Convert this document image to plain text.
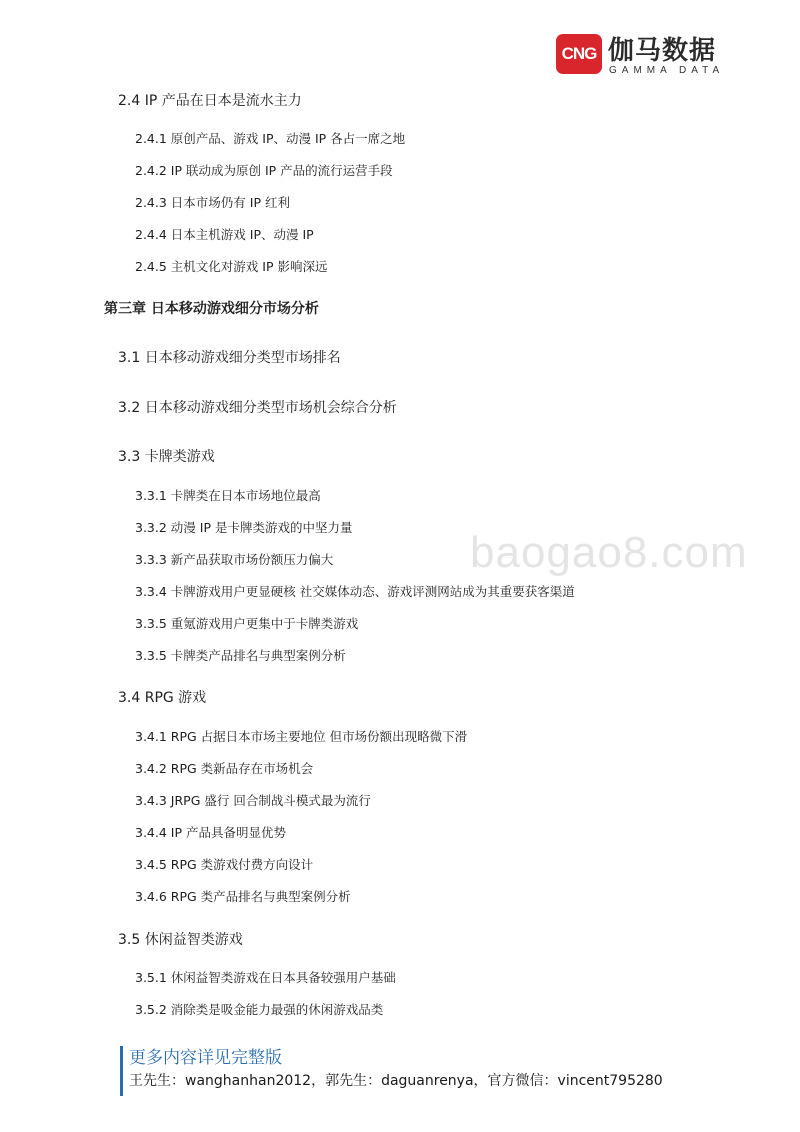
CNG 伽马数据
GAMMA DATA
baogao8.com
2.4 IP 产品在日本是流水主力
2.4.1 原创产品、游戏 IP、动漫 IP 各占一席之地
2.4.2 IP 联动成为原创 IP 产品的流行运营手段
2.4.3 日本市场仍有 IP 红利
2.4.4 日本主机游戏 IP、动漫 IP
2.4.5 主机文化对游戏 IP 影响深远
第三章 日本移动游戏细分市场分析
3.1 日本移动游戏细分类型市场排名
3.2 日本移动游戏细分类型市场机会综合分析
3.3 卡牌类游戏
3.3.1 卡牌类在日本市场地位最高
3.3.2 动漫 IP 是卡牌类游戏的中坚力量
3.3.3 新产品获取市场份额压力偏大
3.3.4 卡牌游戏用户更显硬核 社交媒体动态、游戏评测网站成为其重要获客渠道
3.3.5 重氪游戏用户更集中于卡牌类游戏
3.3.5 卡牌类产品排名与典型案例分析
3.4 RPG 游戏
3.4.1 RPG 占据日本市场主要地位 但市场份额出现略微下滑
3.4.2 RPG 类新品存在市场机会
3.4.3 JRPG 盛行 回合制战斗模式最为流行
3.4.4 IP 产品具备明显优势
3.4.5 RPG 类游戏付费方向设计
3.4.6 RPG 类产品排名与典型案例分析
3.5 休闲益智类游戏
3.5.1 休闲益智类游戏在日本具备较强用户基础
3.5.2 消除类是吸金能力最强的休闲游戏品类
更多内容详见完整版
王先生：wanghanhan2012，郭先生：daguanrenya，官方微信：vincent795280
